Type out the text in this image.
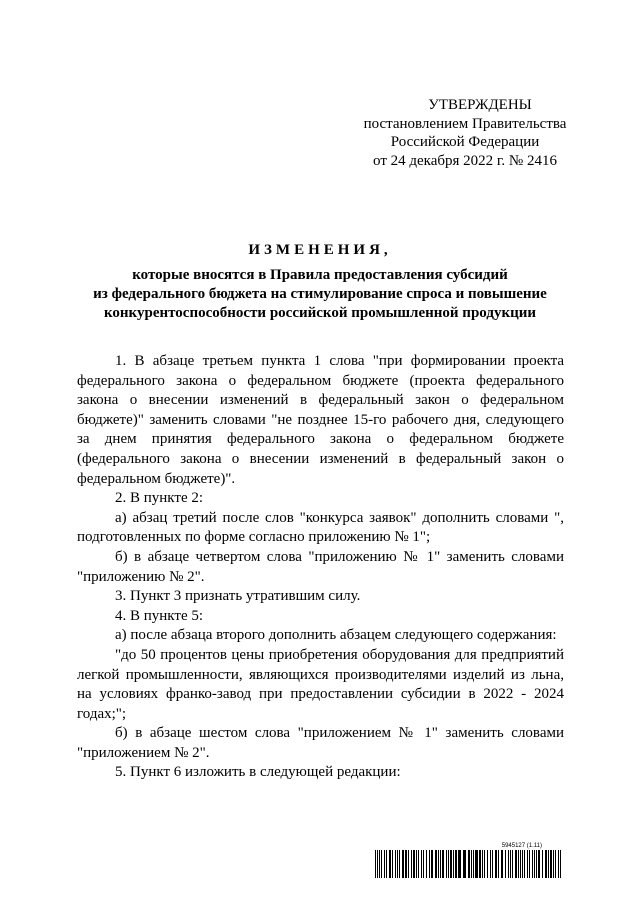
УТВЕРЖДЕНЫ
постановлением Правительства
Российской Федерации
от 24 декабря 2022 г. № 2416
ИЗМЕНЕНИЯ,
которые вносятся в Правила предоставления субсидий
из федерального бюджета на стимулирование спроса и повышение
конкурентоспособности российской промышленной продукции

1. В абзаце третьем пункта 1 слова "при формировании проекта федерального закона о федеральном бюджете (проекта федерального закона о внесении изменений в федеральный закон о федеральном бюджете)" заменить словами "не позднее 15-го рабочего дня, следующего за днем принятия федерального закона о федеральном бюджете (федерального закона о внесении изменений в федеральный закон о федеральном бюджете)".

2. В пункте 2:

а) абзац третий после слов "конкурса заявок" дополнить словами ", подготовленных по форме согласно приложению № 1";

б) в абзаце четвертом слова "приложению № 1" заменить словами "приложению № 2".

3. Пункт 3 признать утратившим силу.

4. В пункте 5:

а) после абзаца второго дополнить абзацем следующего содержания:

"до 50 процентов цены приобретения оборудования для предприятий легкой промышленности, являющихся производителями изделий из льна, на условиях франко-завод при предоставлении субсидии в 2022 - 2024 годах;";

б) в абзаце шестом слова "приложением № 1" заменить словами "приложением № 2".

5. Пункт 6 изложить в следующей редакции:

5945127 (1.11)
